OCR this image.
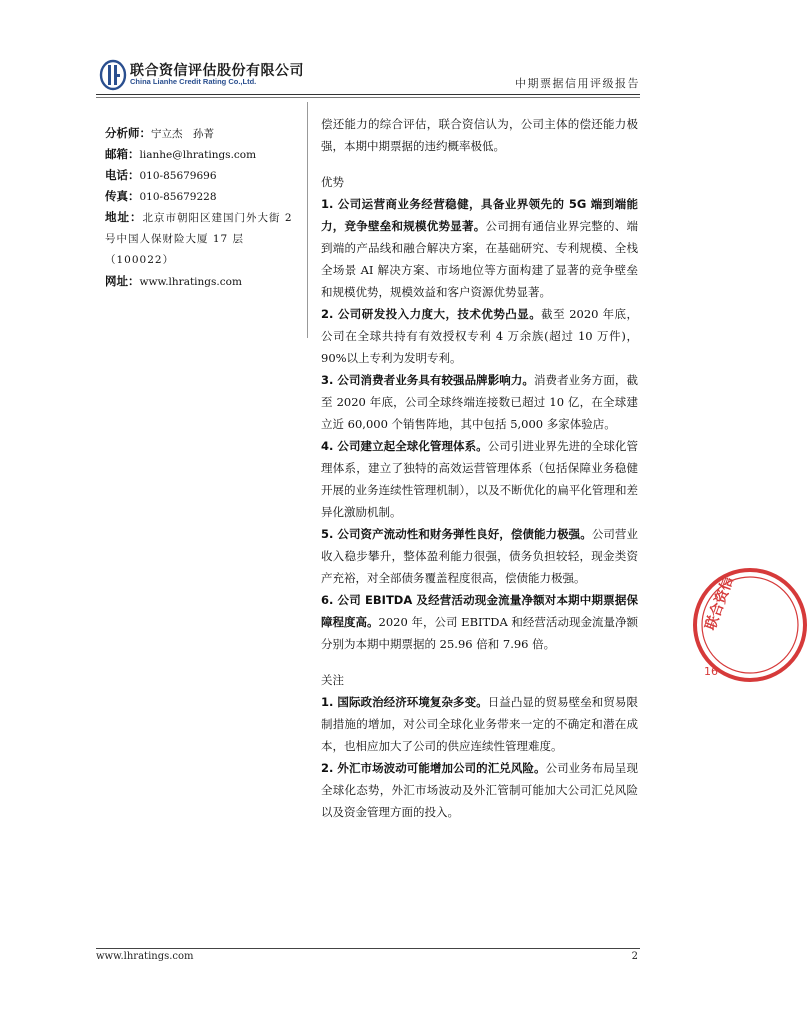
联合资信评估股份有限公司
China Lianhe Credit Rating Co.,Ltd.	中期票据信用评级报告
分析师：宁立杰　孙菁
邮箱：lianhe@lhratings.com
电话：010-85679696
传真：010-85679228
地址：北京市朝阳区建国门外大街 2 号中国人保财险大厦 17 层（100022）
网址：www.lhratings.com

偿还能力的综合评估，联合资信认为，公司主体的偿还能力极强，本期中期票据的违约概率极低。

优势

1. 公司运营商业务经营稳健，具备业界领先的 5G 端到端能力，竞争壁垒和规模优势显著。公司拥有通信业界完整的、端到端的产品线和融合解决方案，在基础研究、专利规模、全栈全场景 AI 解决方案、市场地位等方面构建了显著的竞争壁垒和规模优势，规模效益和客户资源优势显著。

2. 公司研发投入力度大，技术优势凸显。截至 2020 年底，公司在全球共持有有效授权专利 4 万余族(超过 10 万件)，90%以上专利为发明专利。

3. 公司消费者业务具有较强品牌影响力。消费者业务方面，截至 2020 年底，公司全球终端连接数已超过 10 亿，在全球建立近 60,000 个销售阵地，其中包括 5,000 多家体验店。

4. 公司建立起全球化管理体系。公司引进业界先进的全球化管理体系，建立了独特的高效运营管理体系（包括保障业务稳健开展的业务连续性管理机制），以及不断优化的扁平化管理和差异化激励机制。

5. 公司资产流动性和财务弹性良好，偿债能力极强。公司营业收入稳步攀升，整体盈利能力很强，债务负担较轻，现金类资产充裕，对全部债务覆盖程度很高，偿债能力极强。

6. 公司 EBITDA 及经营活动现金流量净额对本期中期票据保障程度高。2020 年，公司 EBITDA 和经营活动现金流量净额分别为本期中期票据的 25.96 倍和 7.96 倍。

关注

1. 国际政治经济环境复杂多变。日益凸显的贸易壁垒和贸易限制措施的增加，对公司全球化业务带来一定的不确定和潜在成本，也相应加大了公司的供应连续性管理难度。

2. 外汇市场波动可能增加公司的汇兑风险。公司业务布局呈现全球化态势，外汇市场波动及外汇管制可能加大公司汇兑风险以及资金管理方面的投入。

联合资信
16
www.lhratings.com	2
